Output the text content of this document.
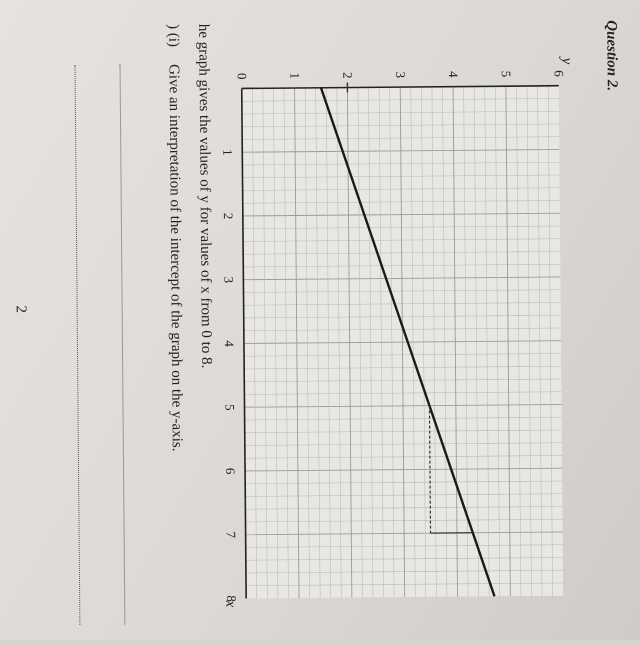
Question 2.
1
2
3
4
5
6
7
8
0	1	2	3	4	5	6
x
y
he graph gives the values of y for values of x from 0 to 8.
) (i)
Give an interpretation of the intercept of the graph on the y-axis.
2
